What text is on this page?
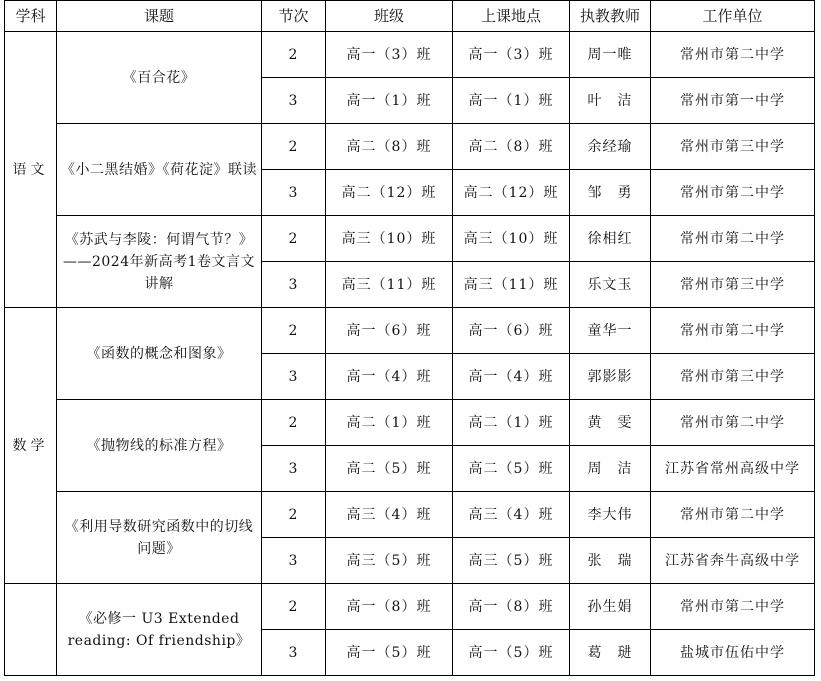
学科	课题	节次	班级	上课地点	执教教师	工作单位
语文	《百合花》	2	高一（3）班	高一（3）班	周一唯	常州市第二中学
		3	高一（1）班	高一（1）班	叶　洁	常州市第一中学
	《小二黑结婚》《荷花淀》联读	2	高二（8）班	高二（8）班	余经瑜	常州市第三中学
		3	高二（12）班	高二（12）班	邹　勇	常州市第二中学
	《苏武与李陵：何谓气节？》——2024年新高考1卷文言文讲解	2	高三（10）班	高三（10）班	徐相红	常州市第二中学
		3	高三（11）班	高三（11）班	乐文玉	常州市第三中学
数学	《函数的概念和图象》	2	高一（6）班	高一（6）班	童华一	常州市第二中学
		3	高一（4）班	高一（4）班	郭影影	常州市第三中学
	《抛物线的标准方程》	2	高二（1）班	高二（1）班	黄　雯	常州市第二中学
		3	高二（5）班	高二（5）班	周　洁	江苏省常州高级中学
	《利用导数研究函数中的切线问题》	2	高三（4）班	高三（4）班	李大伟	常州市第二中学
		3	高三（5）班	高三（5）班	张　瑞	江苏省奔牛高级中学
	《必修一 U3 Extended reading: Of friendship》	2	高一（8）班	高一（8）班	孙生娟	常州市第二中学
		3	高一（5）班	高一（5）班	葛　琎	盐城市伍佑中学
